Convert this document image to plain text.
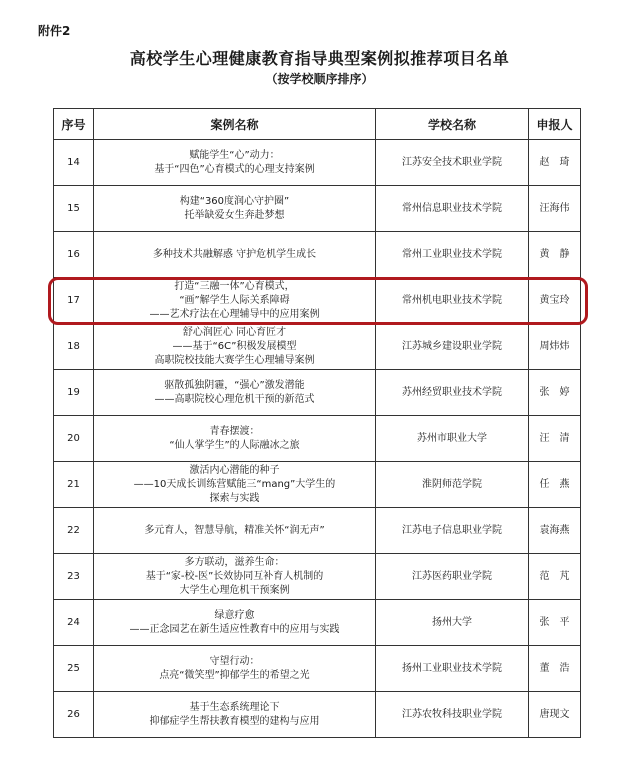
附件2
高校学生心理健康教育指导典型案例拟推荐项目名单
（按学校顺序排序）
序号	案例名称	学校名称	申报人
14	赋能学生“心”动力：
基于“四色”心育模式的心理支持案例	江苏安全技术职业学院	赵　琦
15	构建“360度润心守护圈”
托举缺爱女生奔赴梦想	常州信息职业技术学院	汪海伟
16	多种技术共融解惑 守护危机学生成长	常州工业职业技术学院	黄　静
17	打造“三融一体”心育模式，
“画”解学生人际关系障碍
——艺术疗法在心理辅导中的应用案例	常州机电职业技术学院	黄宝玲
18	舒心润匠心 同心育匠才
——基于“6C”积极发展模型
高职院校技能大赛学生心理辅导案例	江苏城乡建设职业学院	周炜炜
19	驱散孤独阴霾，“强心”激发潜能
——高职院校心理危机干预的新范式	苏州经贸职业技术学院	张　婷
20	青春摆渡：
“仙人掌学生”的人际融冰之旅	苏州市职业大学	汪　清
21	激活内心潜能的种子
——10天成长训练营赋能三“mang”大学生的
探索与实践	淮阴师范学院	任　燕
22	多元育人，智慧导航，精准关怀“润无声”	江苏电子信息职业学院	袁海燕
23	多方联动，滋养生命：
基于“家-校-医”长效协同互补育人机制的
大学生心理危机干预案例	江苏医药职业学院	范　芃
24	绿意疗愈
——正念园艺在新生适应性教育中的应用与实践	扬州大学	张　平
25	守望行动：
点亮“微笑型”抑郁学生的希望之光	扬州工业职业技术学院	董　浩
26	基于生态系统理论下
抑郁症学生帮扶教育模型的建构与应用	江苏农牧科技职业学院	唐现文
